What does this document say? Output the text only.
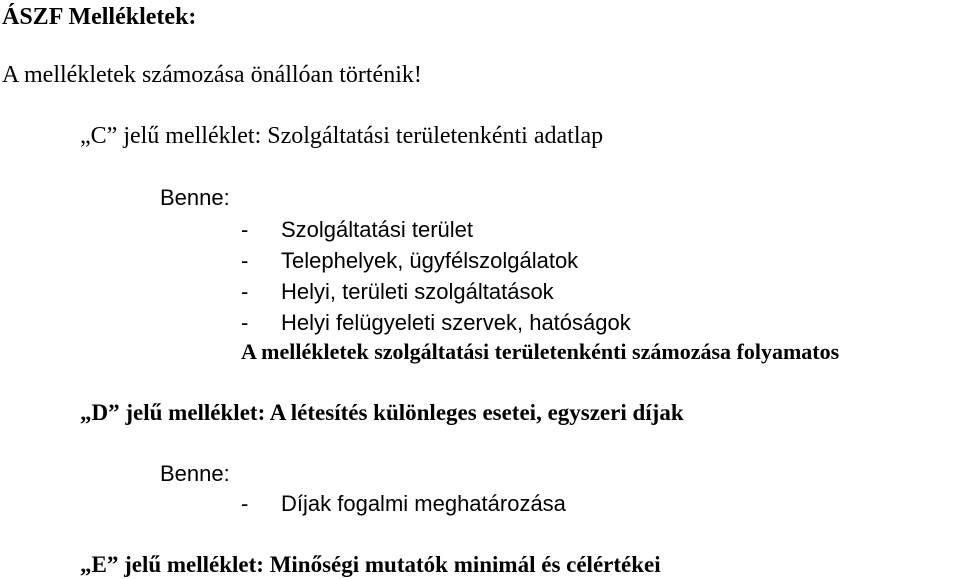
ÁSZF Mellékletek:
A mellékletek számozása önállóan történik!
„C” jelű melléklet: Szolgáltatási területenkénti adatlap
Benne:
- Szolgáltatási terület
- Telephelyek, ügyfélszolgálatok
- Helyi, területi szolgáltatások
- Helyi felügyeleti szervek, hatóságok
A mellékletek szolgáltatási területenkénti számozása folyamatos
„D” jelű melléklet: A létesítés különleges esetei, egyszeri díjak
Benne:
- Díjak fogalmi meghatározása
„E” jelű melléklet: Minőségi mutatók minimál és célértékei
